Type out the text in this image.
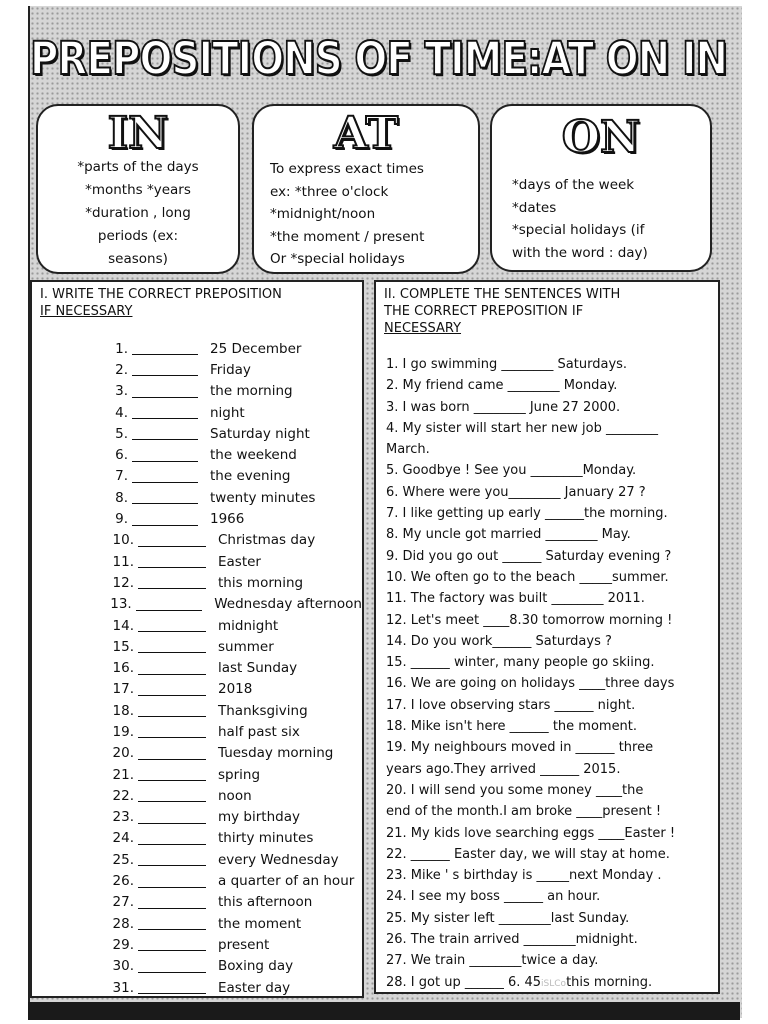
PREPOSITIONS OF TIME:AT ON IN
IN
*parts of the days
*months *years
*duration , long
periods (ex:
seasons)
AT
To express exact times
ex: *three o'clock
*midnight/noon
*the moment / present
Or *special holidays
ON
*days of the week
*dates
*special holidays (if
with the word : day)
I. WRITE THE CORRECT PREPOSITION
IF NECESSARY
1.	25 December
2.	Friday
3.	the morning
4.	night
5.	Saturday night
6.	the weekend
7.	the evening
8.	twenty minutes
9.	1966
10.	Christmas day
11.	Easter
12.	this morning
13.	Wednesday afternoon
14.	midnight
15.	summer
16.	last Sunday
17.	2018
18.	Thanksgiving
19.	half past six
20.	Tuesday morning
21.	spring
22.	noon
23.	my birthday
24.	thirty minutes
25.	every Wednesday
26.	a quarter of an hour
27.	this afternoon
28.	the moment
29.	present
30.	Boxing day
31.	Easter day
II. COMPLETE THE SENTENCES WITH
THE CORRECT PREPOSITION IF
NECESSARY
1. I go swimming ________ Saturdays.
2. My friend came ________ Monday.
3. I was born ________ June 27 2000.
4. My sister will start her new job ________
March.
5. Goodbye ! See you ________Monday.
6. Where were you________ January 27 ?
7. I like getting up early ______the morning.
8. My uncle got married ________ May.
9. Did you go out ______ Saturday evening ?
10. We often go to the beach _____summer.
11. The factory was built ________ 2011.
12. Let's meet ____8.30 tomorrow morning !
14. Do you work______ Saturdays ?
15. ______ winter, many people go skiing.
16. We are going on holidays ____three days
17. I love observing stars ______ night.
18. Mike isn't here ______ the moment.
19. My neighbours moved in ______ three
years ago.They arrived ______ 2015.
20. I will send you some money ____the
end of the month.I am broke ____present !
21. My kids love searching eggs ____Easter !
22. ______ Easter day, we will stay at home.
23. Mike ' s birthday is _____next Monday .
24. I see my boss ______ an hour.
25. My sister left ________last Sunday.
26. The train arrived ________midnight.
27. We train ________twice a day.
28. I got up ______ 6. 45iSLCothis morning.
